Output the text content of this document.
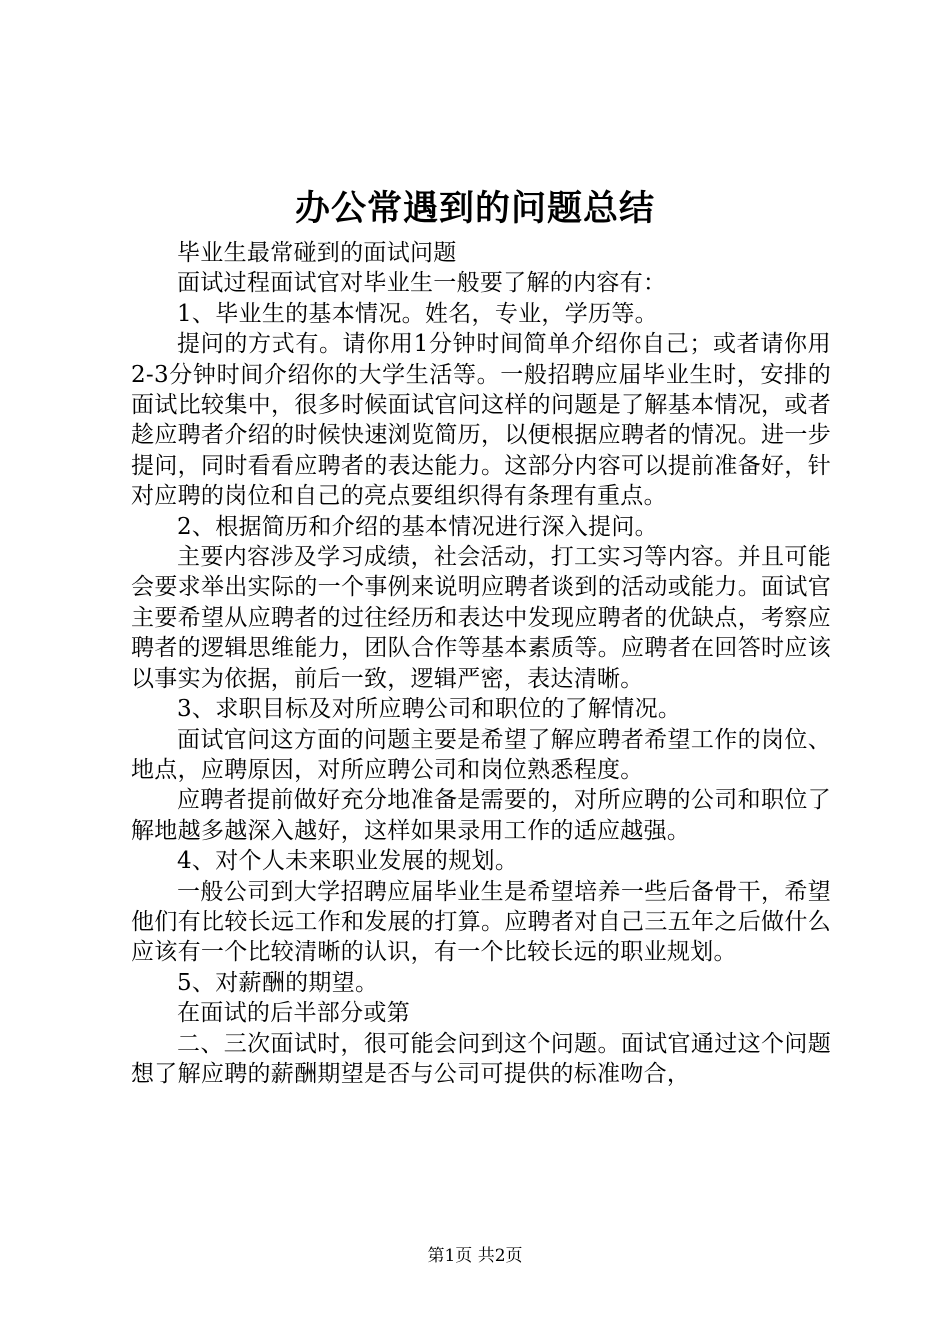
办公常遇到的问题总结

毕业生最常碰到的面试问题

面试过程面试官对毕业生一般要了解的内容有：

1、毕业生的基本情况。姓名，专业，学历等。

提问的方式有。请你用1分钟时间简单介绍你自己；或者请你用2-3分钟时间介绍你的大学生活等。一般招聘应届毕业生时，安排的面试比较集中，很多时候面试官问这样的问题是了解基本情况，或者趁应聘者介绍的时候快速浏览简历，以便根据应聘者的情况。进一步提问，同时看看应聘者的表达能力。这部分内容可以提前准备好，针对应聘的岗位和自己的亮点要组织得有条理有重点。

2、根据简历和介绍的基本情况进行深入提问。

主要内容涉及学习成绩，社会活动，打工实习等内容。并且可能会要求举出实际的一个事例来说明应聘者谈到的活动或能力。面试官主要希望从应聘者的过往经历和表达中发现应聘者的优缺点，考察应聘者的逻辑思维能力，团队合作等基本素质等。应聘者在回答时应该以事实为依据，前后一致，逻辑严密，表达清晰。

3、求职目标及对所应聘公司和职位的了解情况。

面试官问这方面的问题主要是希望了解应聘者希望工作的岗位、地点，应聘原因，对所应聘公司和岗位熟悉程度。

应聘者提前做好充分地准备是需要的，对所应聘的公司和职位了解地越多越深入越好，这样如果录用工作的适应越强。

4、对个人未来职业发展的规划。

一般公司到大学招聘应届毕业生是希望培养一些后备骨干，希望他们有比较长远工作和发展的打算。应聘者对自己三五年之后做什么应该有一个比较清晰的认识，有一个比较长远的职业规划。

5、对薪酬的期望。

在面试的后半部分或第

二、三次面试时，很可能会问到这个问题。面试官通过这个问题想了解应聘的薪酬期望是否与公司可提供的标准吻合，

第1页 共2页
